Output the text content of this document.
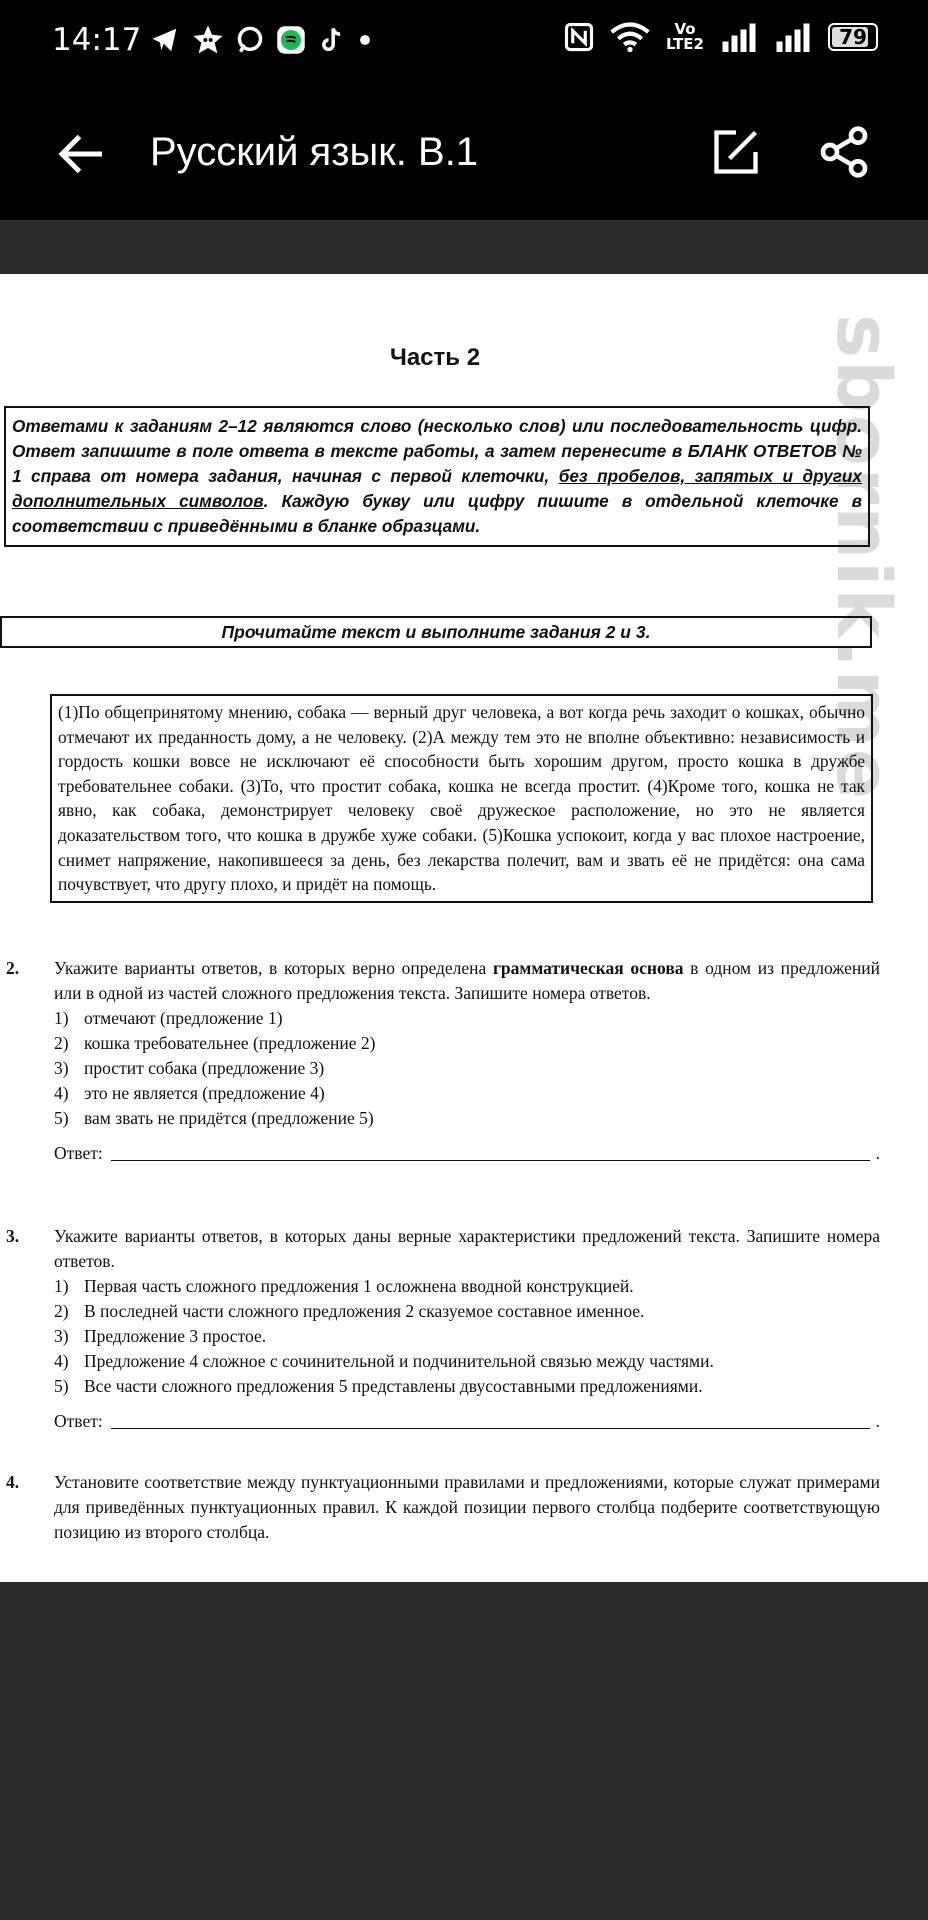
14:17	Vo LTE2	79
Русский язык. В.1
sbornik.me
Часть 2
Ответами к заданиям 2–12 являются слово (несколько слов) или последовательность цифр. Ответ запишите в поле ответа в тексте работы, а затем перенесите в БЛАНК ОТВЕТОВ № 1 справа от номера задания, начиная с первой клеточки, без пробелов, запятых и других дополнительных символов. Каждую букву или цифру пишите в отдельной клеточке в соответствии с приведёнными в бланке образцами.
Прочитайте текст и выполните задания 2 и 3.
(1)По общепринятому мнению, собака — верный друг человека, а вот когда речь заходит о кошках, обычно отмечают их преданность дому, а не человеку. (2)А между тем это не вполне объективно: независимость и гордость кошки вовсе не исключают её способности быть хорошим другом, просто кошка в дружбе требовательнее собаки. (3)То, что простит собака, кошка не всегда простит. (4)Кроме того, кошка не так явно, как собака, демонстрирует человеку своё дружеское расположение, но это не является доказательством того, что кошка в дружбе хуже собаки. (5)Кошка успокоит, когда у вас плохое настроение, снимет напряжение, накопившееся за день, без лекарства полечит, вам и звать её не придётся: она сама почувствует, что другу плохо, и придёт на помощь.
2. Укажите варианты ответов, в которых верно определена грамматическая основа в одном из предложений или в одной из частей сложного предложения текста. Запишите номера ответов.
1) отмечают (предложение 1)
2) кошка требовательнее (предложение 2)
3) простит собака (предложение 3)
4) это не является (предложение 4)
5) вам звать не придётся (предложение 5)
Ответ:	.
3. Укажите варианты ответов, в которых даны верные характеристики предложений текста. Запишите номера ответов.
1) Первая часть сложного предложения 1 осложнена вводной конструкцией.
2) В последней части сложного предложения 2 сказуемое составное именное.
3) Предложение 3 простое.
4) Предложение 4 сложное с сочинительной и подчинительной связью между частями.
5) Все части сложного предложения 5 представлены двусоставными предложениями.
Ответ:	.
4. Установите соответствие между пунктуационными правилами и предложениями, которые служат примерами для приведённых пунктуационных правил. К каждой позиции первого столбца подберите соответствующую позицию из второго столбца.
